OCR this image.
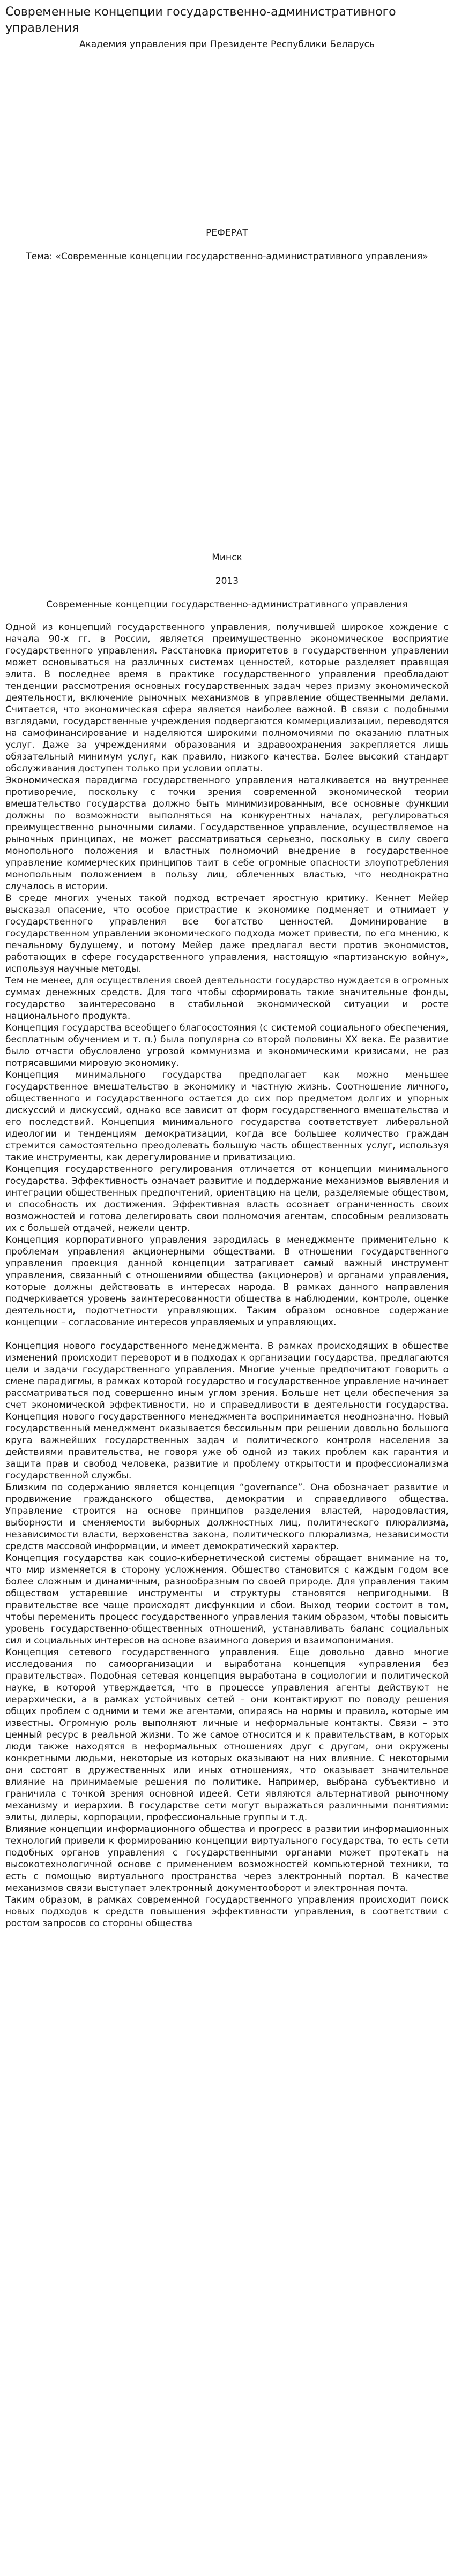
Современные концепции государственно-административного управления
Академия управления при Президенте Республики Беларусь
РЕФЕРАТ
Тема: «Современные концепции государственно-административного управления»
Минск
2013
Современные концепции государственно-административного управления

Одной из концепций государственного управления, получившей широкое хождение с начала 90-х гг. в России, является преимущественно экономическое восприятие государственного управления. Расстановка приоритетов в государственном управлении может основываться на различных системах ценностей, которые разделяет правящая элита. В последнее время в практике государственного управления преобладают тенденции рассмотрения основных государственных задач через призму экономической деятельности, включение рыночных механизмов в управление общественными делами. Считается, что экономическая сфера является наиболее важной. В связи с подобными взглядами, государственные учреждения подвергаются коммерциализации, переводятся на самофинансирование и наделяются широкими полномочиями по оказанию платных услуг. Даже за учреждениями образования и здравоохранения закрепляется лишь обязательный минимум услуг, как правило, низкого качества. Более высокий стандарт обслуживания доступен только при условии оплаты.

Экономическая парадигма государственного управления наталкивается на внутреннее противоречие, поскольку с точки зрения современной экономической теории вмешательство государства должно быть минимизированным, все основные функции должны по возможности выполняться на конкурентных началах, регулироваться преимущественно рыночными силами. Государственное управление, осуществляемое на рыночных принципах, не может рассматриваться серьезно, поскольку в силу своего монопольного положения и властных полномочий внедрение в государственное управление коммерческих принципов таит в себе огромные опасности злоупотребления монопольным положением в пользу лиц, облеченных властью, что неоднократно случалось в истории.

В среде многих ученых такой подход встречает яростную критику. Кеннет Мейер высказал опасение, что особое пристрастие к экономике подменяет и отнимает у государственного управления все богатство ценностей. Доминирование в государственном управлении экономического подхода может привести, по его мнению, к печальному будущему, и потому Мейер даже предлагал вести против экономистов, работающих в сфере государственного управления, настоящую «партизанскую войну», используя научные методы.

Тем не менее, для осуществления своей деятельности государство нуждается в огромных суммах денежных средств. Для того чтобы сформировать такие значительные фонды, государство заинтересовано в стабильной экономической ситуации и росте национального продукта.

Концепция государства всеобщего благосостояния (с системой социального обеспечения, бесплатным обучением и т. п.) была популярна со второй половины XX века. Ее развитие было отчасти обусловлено угрозой коммунизма и экономическими кризисами, не раз потрясавшими мировую экономику.

Концепция минимального государства предполагает как можно меньшее государственное вмешательство в экономику и частную жизнь. Соотношение личного, общественного и государственного остается до сих пор предметом долгих и упорных дискуссий и дискуссий, однако все зависит от форм государственного вмешательства и его последствий. Концепция минимального государства соответствует либеральной идеологии и тенденциям демократизации, когда все большее количество граждан стремится самостоятельно преодолевать большую часть общественных услуг, используя такие инструменты, как дерегулирование и приватизацию.

Концепция государственного регулирования отличается от концепции минимального государства. Эффективность означает развитие и поддержание механизмов выявления и интеграции общественных предпочтений, ориентацию на цели, разделяемые обществом, и способность их достижения. Эффективная власть осознает ограниченность своих возможностей и готова делегировать свои полномочия агентам, способным реализовать их с большей отдачей, нежели центр.

Концепция корпоративного управления зародилась в менеджменте применительно к проблемам управления акционерными обществами. В отношении государственного управления проекция данной концепции затрагивает самый важный инструмент управления, связанный с отношениями общества (акционеров) и органами управления, которые должны действовать в интересах народа. В рамках данного направления подчеркивается уровень заинтересованности общества в наблюдении, контроле, оценке деятельности, подотчетности управляющих. Таким образом основное содержание концепции – согласование интересов управляемых и управляющих.

Концепция нового государственного менеджмента. В рамках происходящих в обществе изменений происходит переворот и в подходах к организации государства, предлагаются цели и задачи государственного управления. Многие ученые предпочитают говорить о смене парадигмы, в рамках которой государство и государственное управление начинает рассматриваться под совершенно иным углом зрения. Больше нет цели обеспечения за счет экономической эффективности, но и справедливости в деятельности государства. Концепция нового государственного менеджмента воспринимается неоднозначно. Новый государственный менеджмент оказывается бессильным при решении довольно большого круга важнейших государственных задач и политического контроля населения за действиями правительства, не говоря уже об одной из таких проблем как гарантия и защита прав и свобод человека, развитие и проблему открытости и профессионализма государственной службы.

Близким по содержанию является концепция “governance”. Она обозначает развитие и продвижение гражданского общества, демократии и справедливого общества. Управление строится на основе принципов разделения властей, народовластия, выборности и сменяемости выборных должностных лиц, политического плюрализма, независимости власти, верховенства закона, политического плюрализма, независимости средств массовой информации, и имеет демократический характер.

Концепция государства как социо-кибернетической системы обращает внимание на то, что мир изменяется в сторону усложнения. Общество становится с каждым годом все более сложным и динамичным, разнообразным по своей природе. Для управления таким обществом устаревшие инструменты и структуры становятся непригодными. В правительстве все чаще происходят дисфункции и сбои. Выход теории состоит в том, чтобы переменить процесс государственного управления таким образом, чтобы повысить уровень государственно-общественных отношений, устанавливать баланс социальных сил и социальных интересов на основе взаимного доверия и взаимопонимания.

Концепция сетевого государственного управления. Еще довольно давно многие исследования по самоорганизации и выработана концепция «управления без правительства». Подобная сетевая концепция выработана в социологии и политической науке, в которой утверждается, что в процессе управления агенты действуют не иерархически, а в рамках устойчивых сетей – они контактируют по поводу решения общих проблем с одними и теми же агентами, опираясь на нормы и правила, которые им известны. Огромную роль выполняют личные и неформальные контакты. Связи – это ценный ресурс в реальной жизни. То же самое относится и к правительствам, в которых люди также находятся в неформальных отношениях друг с другом, они окружены конкретными людьми, некоторые из которых оказывают на них влияние. С некоторыми они состоят в дружественных или иных отношениях, что оказывает значительное влияние на принимаемые решения по политике. Например, выбрана субъективно и граничила с точкой зрения основной идеей. Сети являются альтернативой рыночному механизму и иерархии. В государстве сети могут выражаться различными понятиями: элиты, дилеры, корпорации, профессиональные группы и т.д.

Влияние концепции информационного общества и прогресс в развитии информационных технологий привели к формированию концепции виртуального государства, то есть сети подобных органов управления с государственными органами может протекать на высокотехнологичной основе с применением возможностей компьютерной техники, то есть с помощью виртуального пространства через электронный портал. В качестве механизмов связи выступает электронный документооборот и электронная почта.

Таким образом, в рамках современной государственного управления происходит поиск новых подходов к средств повышения эффективности управления, в соответствии с ростом запросов со стороны общества
